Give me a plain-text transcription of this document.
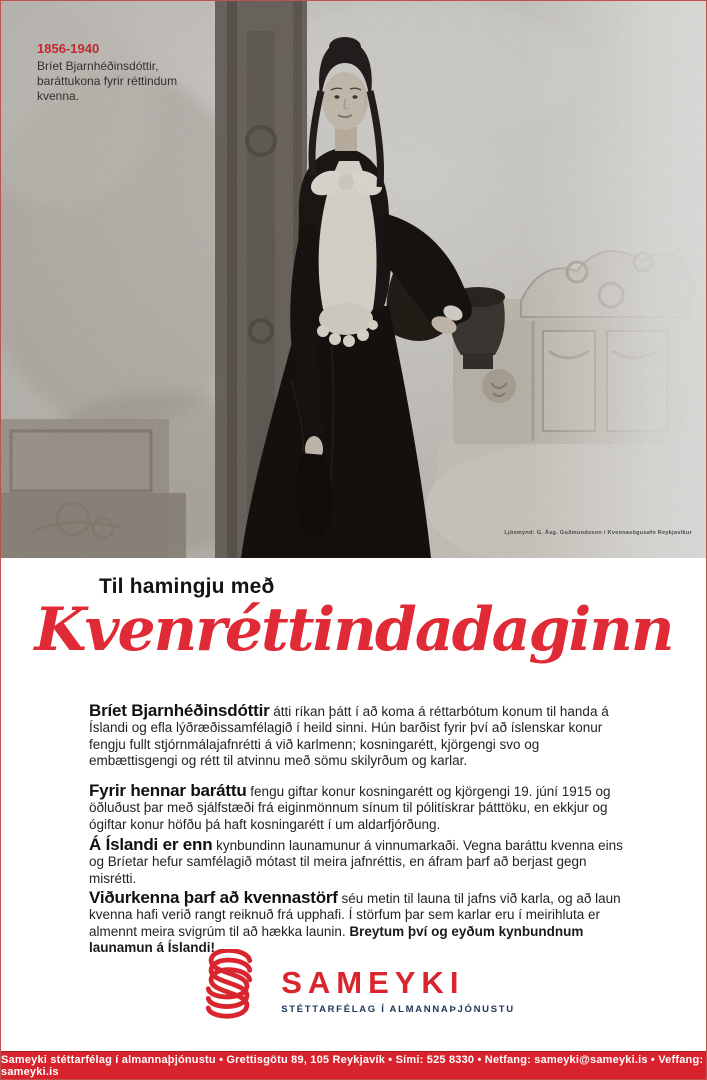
1856-1940
Bríet Bjarnhéðinsdóttir,
baráttukona fyrir réttindum
kvenna.
Ljósmynd: G. Ásg. Guðmundsson / Kvennasögusafn Reykjavíkur
Til hamingju með
Kvenréttindadaginn

Bríet Bjarnhéðinsdóttir átti ríkan þátt í að koma á réttarbótum konum til handa á Íslandi og efla lýðræðissamfélagið í heild sinni. Hún barðist fyrir því að íslenskar konur fengju fullt stjórnmálajafnrétti á við karlmenn; kosningarétt, kjörgengi svo og embættisgengi og rétt til atvinnu með sömu skilyrðum og karlar.

Fyrir hennar baráttu fengu giftar konur kosningarétt og kjörgengi 19. júní 1915 og öðluðust þar með sjálfstæði frá eiginmönnum sínum til pólitískrar þátttöku, en ekkjur og ógiftar konur höfðu þá haft kosningarétt í um aldarfjórðung.

Á Íslandi er enn kynbundinn launamunur á vinnumarkaði. Vegna baráttu kvenna eins og Bríetar hefur samfélagið mótast til meira jafnréttis, en áfram þarf að berjast gegn misrétti.

Viðurkenna þarf að kvennastörf séu metin til launa til jafns við karla, og að laun kvenna hafi verið rangt reiknuð frá upphafi. Í störfum þar sem karlar eru í meirihluta er almennt meira svigrúm til að hækka launin. Breytum því og eyðum kynbundnum launamun á Íslandi!

SAMEYKI
STÉTTARFÉLAG Í ALMANNAÞJÓNUSTU
Sameyki stéttarfélag í almannaþjónustu • Grettisgötu 89, 105 Reykjavík • Sími: 525 8330 • Netfang: sameyki@sameyki.is • Veffang: sameyki.is
